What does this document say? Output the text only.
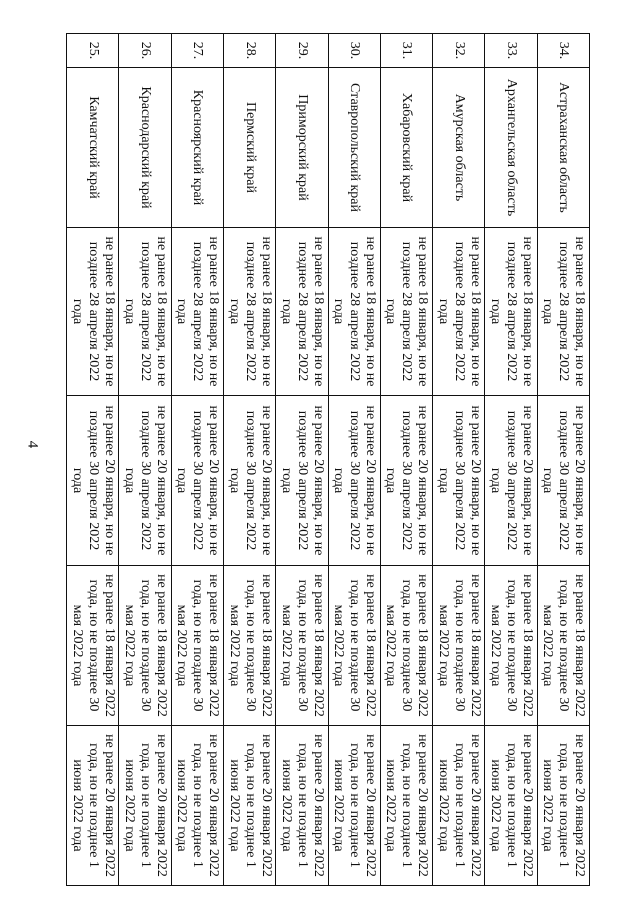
4
34.	Астраханская область	не ранее 18 января, но не позднее 28 апреля 2022 года	не ранее 20 января, но не позднее 30 апреля 2022 года	не ранее 18 января 2022 года, но не позднее 30 мая 2022 года	не ранее 20 января 2022 года, но не позднее 1 июня 2022 года
33.	Архангельская область	не ранее 18 января, но не позднее 28 апреля 2022 года	не ранее 20 января, но не позднее 30 апреля 2022 года	не ранее 18 января 2022 года, но не позднее 30 мая 2022 года	не ранее 20 января 2022 года, но не позднее 1 июня 2022 года
32.	Амурская область	не ранее 18 января, но не позднее 28 апреля 2022 года	не ранее 20 января, но не позднее 30 апреля 2022 года	не ранее 18 января 2022 года, но не позднее 30 мая 2022 года	не ранее 20 января 2022 года, но не позднее 1 июня 2022 года
31.	Хабаровский край	не ранее 18 января, но не позднее 28 апреля 2022 года	не ранее 20 января, но не позднее 30 апреля 2022 года	не ранее 18 января 2022 года, но не позднее 30 мая 2022 года	не ранее 20 января 2022 года, но не позднее 1 июня 2022 года
30.	Ставропольский край	не ранее 18 января, но не позднее 28 апреля 2022 года	не ранее 20 января, но не позднее 30 апреля 2022 года	не ранее 18 января 2022 года, но не позднее 30 мая 2022 года	не ранее 20 января 2022 года, но не позднее 1 июня 2022 года
29.	Приморский край	не ранее 18 января, но не позднее 28 апреля 2022 года	не ранее 20 января, но не позднее 30 апреля 2022 года	не ранее 18 января 2022 года, но не позднее 30 мая 2022 года	не ранее 20 января 2022 года, но не позднее 1 июня 2022 года
28.	Пермский край	не ранее 18 января, но не позднее 28 апреля 2022 года	не ранее 20 января, но не позднее 30 апреля 2022 года	не ранее 18 января 2022 года, но не позднее 30 мая 2022 года	не ранее 20 января 2022 года, но не позднее 1 июня 2022 года
27.	Красноярский край	не ранее 18 января, но не позднее 28 апреля 2022 года	не ранее 20 января, но не позднее 30 апреля 2022 года	не ранее 18 января 2022 года, но не позднее 30 мая 2022 года	не ранее 20 января 2022 года, но не позднее 1 июня 2022 года
26.	Краснодарский край	не ранее 18 января, но не позднее 28 апреля 2022 года	не ранее 20 января, но не позднее 30 апреля 2022 года	не ранее 18 января 2022 года, но не позднее 30 мая 2022 года	не ранее 20 января 2022 года, но не позднее 1 июня 2022 года
25.	Камчатский край	не ранее 18 января, но не позднее 28 апреля 2022 года	не ранее 20 января, но не позднее 30 апреля 2022 года	не ранее 18 января 2022 года, но не позднее 30 мая 2022 года	не ранее 20 января 2022 года, но не позднее 1 июня 2022 года
